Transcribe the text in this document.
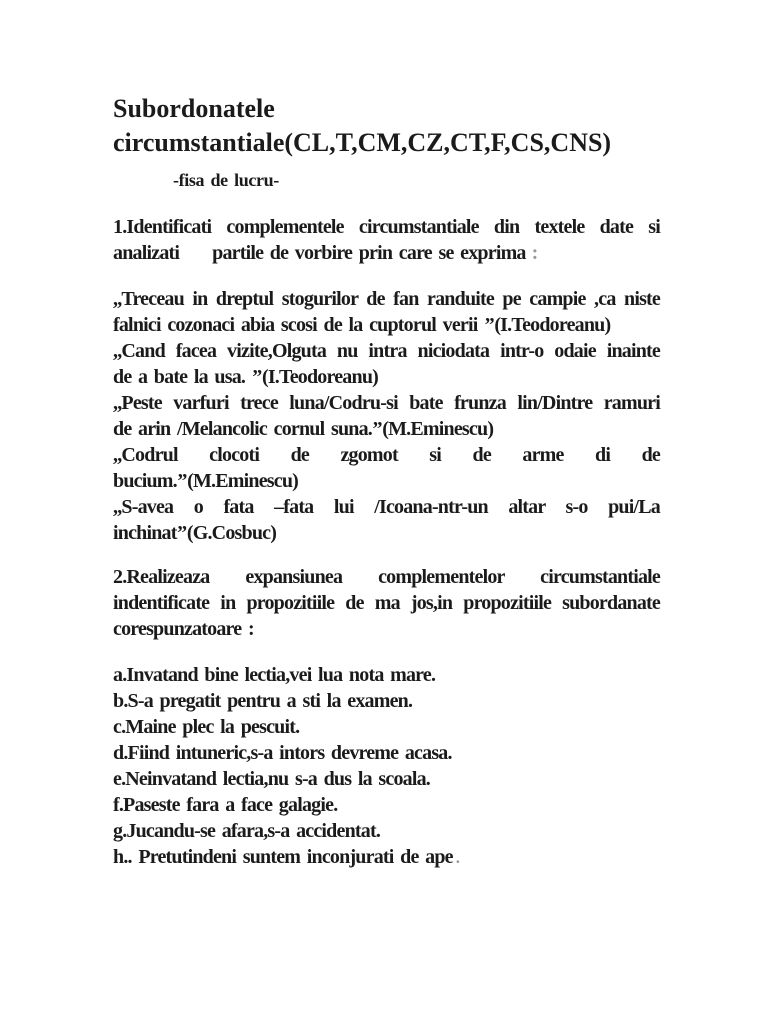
Subordonatele
circumstantiale(CL,T,CM,CZ,CT,F,CS,CNS)

-fisa de lucru-

1.Identificati complementele circumstantiale din textele date si
analizati     partile de vorbire prin care se exprima :
,,Treceau in dreptul stogurilor de fan randuite pe campie ,ca niste
falnici cozonaci abia scosi de la cuptorul verii ’’(I.Teodoreanu)
,,Cand facea vizite,Olguta nu intra niciodata intr-o odaie inainte
de a bate la usa. ’’(I.Teodoreanu)
,,Peste varfuri trece luna/Codru-si bate frunza lin/Dintre ramuri
de arin /Melancolic cornul suna.’’(M.Eminescu)
,,Codrul clocoti de zgomot si de arme di de
bucium.’’(M.Eminescu)
,,S-avea o fata –fata lui /Icoana-ntr-un altar s-o pui/La
inchinat’’(G.Cosbuc)
2.Realizeaza expansiunea complementelor circumstantiale
indentificate in propozitiile de ma jos,in propozitiile subordanate
corespunzatoare :
a.Invatand bine lectia,vei lua nota mare.
b.S-a pregatit pentru a sti la examen.
c.Maine plec la pescuit.
d.Fiind intuneric,s-a intors devreme acasa.
e.Neinvatand lectia,nu s-a dus la scoala.
f.Paseste fara a face galagie.
g.Jucandu-se afara,s-a accidentat.
h.. Pretutindeni suntem inconjurati de ape .
